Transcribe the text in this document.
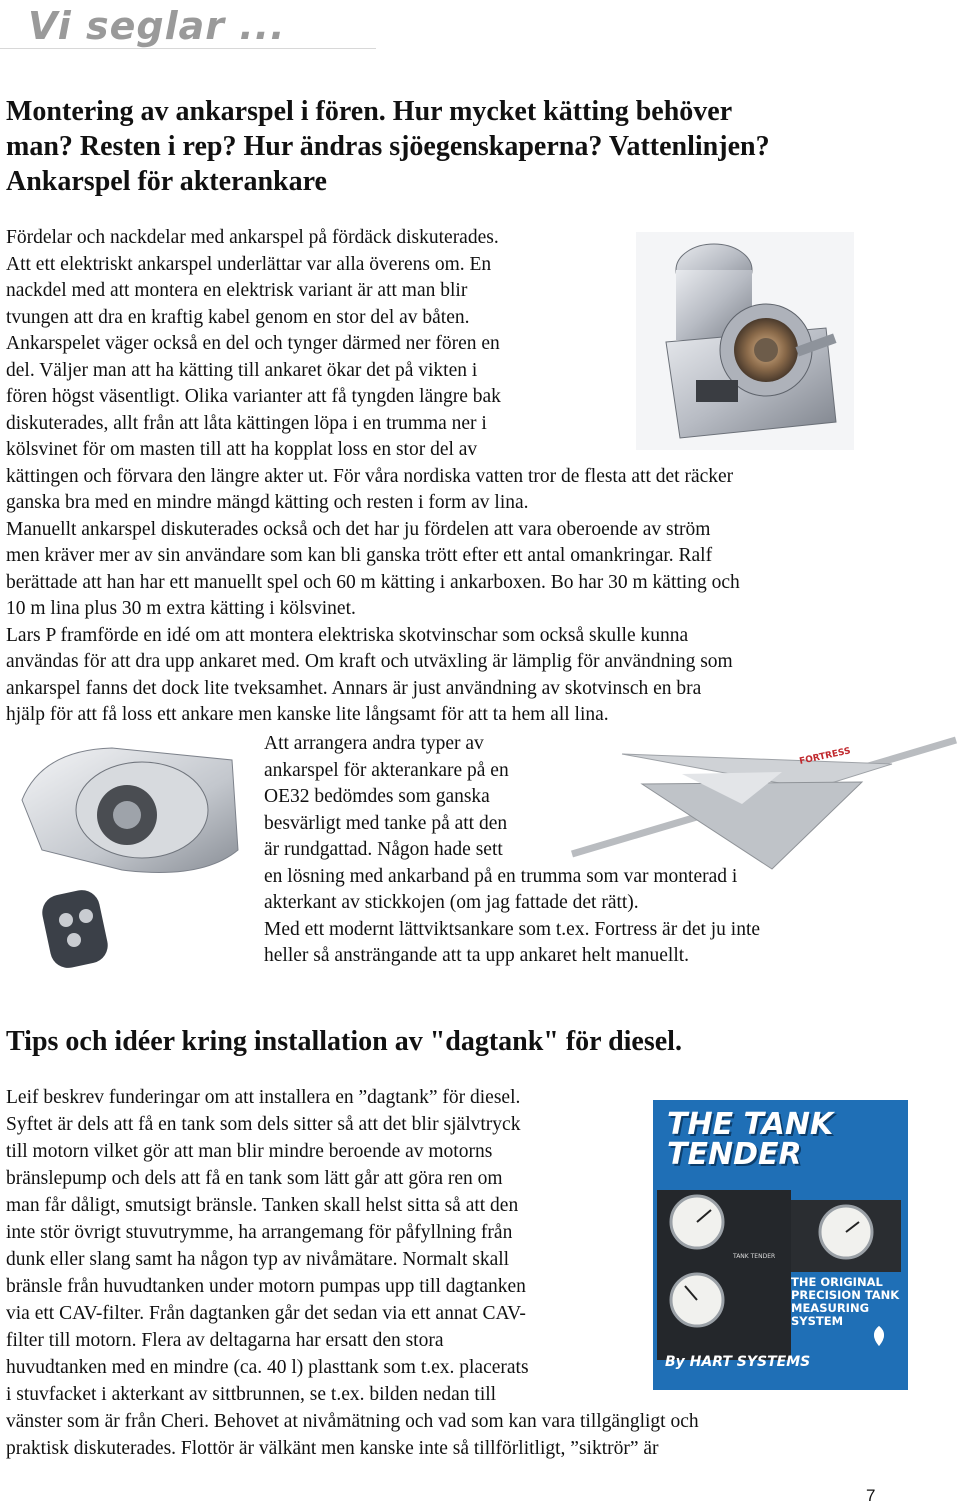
Vi seglar ...
Montering av ankarspel i fören. Hur mycket kätting behöver
man? Resten i rep? Hur ändras sjöegenskaperna? Vattenlinjen?
Ankarspel för akterankare
Fördelar och nackdelar med ankarspel på fördäck diskuterades.
Att ett elektriskt ankarspel underlättar var alla överens om. En
nackdel med att montera en elektrisk variant är att man blir
tvungen att dra en kraftig kabel genom en stor del av båten.
Ankarspelet väger också en del och tynger därmed ner fören en
del. Väljer man att ha kätting till ankaret ökar det på vikten i
fören högst väsentligt. Olika varianter att få tyngden längre bak
diskuterades, allt från att låta kättingen löpa i en trumma ner i
kölsvinet för om masten till att ha kopplat loss en stor del av
kättingen och förvara den längre akter ut. För våra nordiska vatten tror de flesta att det räcker
ganska bra med en mindre mängd kätting och resten i form av lina.
Manuellt ankarspel diskuterades också och det har ju fördelen att vara oberoende av ström
men kräver mer av sin användare som kan bli ganska trött efter ett antal omankringar. Ralf
berättade att han har ett manuellt spel och 60 m kätting i ankarboxen. Bo har 30 m kätting och
10 m lina plus 30 m extra kätting i kölsvinet.
Lars P framförde en idé om att montera elektriska skotvinschar som också skulle kunna
användas för att dra upp ankaret med. Om kraft och utväxling är lämplig för användning som
ankarspel fanns det dock lite tveksamhet. Annars är just användning av skotvinsch en bra
hjälp för att få loss ett ankare men kanske lite långsamt för att ta hem all lina.
FORTRESS
Att arrangera andra typer av
ankarspel för akterankare på en
OE32 bedömdes som ganska
besvärligt med tanke på att den
är rundgattad. Någon hade sett
en lösning med ankarband på en trumma som var monterad i
akterkant av stickkojen (om jag fattade det rätt).
Med ett modernt lättviktsankare som t.ex. Fortress är det ju inte
heller så ansträngande att ta upp ankaret helt manuellt.
Tips och idéer kring installation av "dagtank" för diesel.
Leif beskrev funderingar om att installera en ”dagtank” för diesel.
Syftet är dels att få en tank som dels sitter så att det blir självtryck
till motorn vilket gör att man blir mindre beroende av motorns
bränslepump och dels att få en tank som lätt går att göra ren om
man får dåligt, smutsigt bränsle. Tanken skall helst sitta så att den
inte stör övrigt stuvutrymme, ha arrangemang för påfyllning från
dunk eller slang samt ha någon typ av nivåmätare. Normalt skall
bränsle från huvudtanken under motorn pumpas upp till dagtanken
via ett CAV-filter. Från dagtanken går det sedan via ett annat CAV-
filter till motorn. Flera av deltagarna har ersatt den stora
huvudtanken med en mindre (ca. 40 l) plasttank som t.ex. placerats
i stuvfacket i akterkant av sittbrunnen, se t.ex. bilden nedan till
vänster som är från Cheri. Behovet at nivåmätning och vad som kan vara tillgängligt och
praktisk diskuterades. Flottör är välkänt men kanske inte så tillförlitligt, ”siktrör” är
TANK TENDER
THE TANK TENDER
THE ORIGINAL PRECISION TANK MEASURING SYSTEM
By HART SYSTEMS
7
